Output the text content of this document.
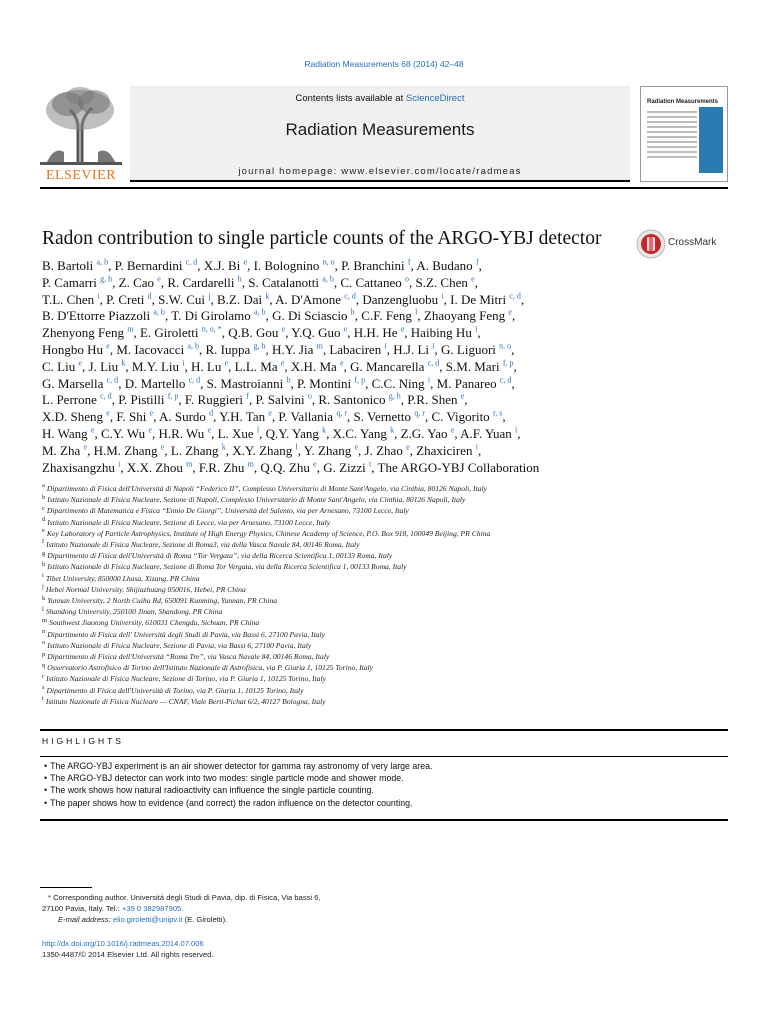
Radiation Measurements 68 (2014) 42–48
ELSEVIER
Contents lists available at ScienceDirect
Radiation Measurements
journal homepage: www.elsevier.com/locate/radmeas
Radiation Measurements
Radon contribution to single particle counts of the ARGO-YBJ detector	CrossMark
B. Bartoli $^{a, b}$, P. Bernardini $^{c, d}$, X.J. Bi $^e$, I. Bolognino $^{n, o}$, P. Branchini $^f$, A. Budano $^f$,
P. Camarri $^{g, h}$, Z. Cao $^e$, R. Cardarelli $^h$, S. Catalanotti $^{a, b}$, C. Cattaneo $^o$, S.Z. Chen $^e$,
T.L. Chen $^i$, P. Creti $^d$, S.W. Cui $^j$, B.Z. Dai $^k$, A. D'Amone $^{c, d}$, Danzengluobu $^i$, I. De Mitri $^{c, d}$,
B. D'Ettorre Piazzoli $^{a, b}$, T. Di Girolamo $^{a, b}$, G. Di Sciascio $^h$, C.F. Feng $^l$, Zhaoyang Feng $^e$,
Zhenyong Feng $^m$, E. Giroletti $^{n, o, *}$, Q.B. Gou $^e$, Y.Q. Guo $^e$, H.H. He $^e$, Haibing Hu $^i$,
Hongbo Hu $^e$, M. Iacovacci $^{a, b}$, R. Iuppa $^{g, h}$, H.Y. Jia $^m$, Labaciren $^i$, H.J. Li $^i$, G. Liguori $^{n, o}$,
C. Liu $^e$, J. Liu $^k$, M.Y. Liu $^i$, H. Lu $^e$, L.L. Ma $^e$, X.H. Ma $^e$, G. Mancarella $^{c, d}$, S.M. Mari $^{f, p}$,
G. Marsella $^{c, d}$, D. Martello $^{c, d}$, S. Mastroianni $^b$, P. Montini $^{f, p}$, C.C. Ning $^i$, M. Panareo $^{c, d}$,
L. Perrone $^{c, d}$, P. Pistilli $^{f, p}$, F. Ruggieri $^f$, P. Salvini $^o$, R. Santonico $^{g, h}$, P.R. Shen $^e$,
X.D. Sheng $^e$, F. Shi $^e$, A. Surdo $^d$, Y.H. Tan $^e$, P. Vallania $^{q, r}$, S. Vernetto $^{q, r}$, C. Vigorito $^{r, s}$,
H. Wang $^e$, C.Y. Wu $^e$, H.R. Wu $^e$, L. Xue $^l$, Q.Y. Yang $^k$, X.C. Yang $^k$, Z.G. Yao $^e$, A.F. Yuan $^i$,
M. Zha $^e$, H.M. Zhang $^e$, L. Zhang $^k$, X.Y. Zhang $^l$, Y. Zhang $^e$, J. Zhao $^e$, Zhaxiciren $^i$,
Zhaxisangzhu $^i$, X.X. Zhou $^m$, F.R. Zhu $^m$, Q.Q. Zhu $^e$, G. Zizzi $^t$, The ARGO-YBJ Collaboration
a Dipartimento di Fisica dell'Università di Napoli “Federico II”, Complesso Universitario di Monte Sant'Angelo, via Cinthia, 80126 Napoli, Italy
b Istituto Nazionale di Fisica Nucleare, Sezione di Napoli, Complesso Universitario di Monte Sant'Angelo, via Cinthia, 80126 Napoli, Italy
c Dipartimento di Matematica e Fisica “Ennio De Giorgi”, Università del Salento, via per Arnesano, 73100 Lecce, Italy
d Istituto Nazionale di Fisica Nucleare, Sezione di Lecce, via per Arnesano, 73100 Lecce, Italy
e Key Laboratory of Particle Astrophysics, Institute of High Energy Physics, Chinese Academy of Science, P.O. Box 918, 100049 Beijing, PR China
f Istituto Nazionale di Fisica Nucleare, Sezione di Roma3, via della Vasca Navale 84, 00146 Roma, Italy
g Dipartimento di Fisica dell'Università di Roma “Tor Vergata”, via della Ricerca Scientifica 1, 00133 Roma, Italy
h Istituto Nazionale di Fisica Nucleare, Sezione di Roma Tor Vergata, via della Ricerca Scientifica 1, 00133 Roma, Italy
i Tibet University, 850000 Lhasa, Xizang, PR China
j Hebei Normal University, Shijiazhuang 050016, Hebei, PR China
k Yunnan University, 2 North Cuihu Rd, 650091 Kunming, Yunnan, PR China
l Shandong University, 250100 Jinan, Shandong, PR China
m Southwest Jiaotong University, 610031 Chengdu, Sichuan, PR China
n Dipartimento di Fisica dell' Università degli Studi di Pavia, via Bassi 6, 27100 Pavia, Italy
o Istituto Nazionale di Fisica Nucleare, Sezione di Pavia, via Bassi 6, 27100 Pavia, Italy
p Dipartimento di Fisica dell'Università “Roma Tre”, via Vasca Navale 84, 00146 Roma, Italy
q Osservatorio Astrofisico di Torino dell'Istituto Nazionale di Astrofisica, via P. Giuria 1, 10125 Torino, Italy
r Istituto Nazionale di Fisica Nucleare, Sezione di Torino, via P. Giuria 1, 10125 Torino, Italy
s Dipartimento di Fisica dell'Università di Torino, via P. Giuria 1, 10125 Torino, Italy
t Istituto Nazionale di Fisica Nucleare — CNAF, Viale Berti-Pichat 6/2, 40127 Bologna, Italy
HIGHLIGHTS
• The ARGO-YBJ experiment is an air shower detector for gamma ray astronomy of very large area.
• The ARGO-YBJ detector can work into two modes: single particle mode and shower mode.
• The work shows how natural radioactivity can influence the single particle counting.
• The paper shows how to evidence (and correct) the radon influence on the detector counting.
* Corresponding author. Università degli Studi di Pavia, dip. di Fisica, Via bassi 6,
27100 Pavia, Italy. Tel.: +39 0 382987905.
E-mail address: elio.giroletti@unipv.it (E. Giroletti).
http://dx.doi.org/10.1016/j.radmeas.2014.07.006
1350-4487/© 2014 Elsevier Ltd. All rights reserved.
